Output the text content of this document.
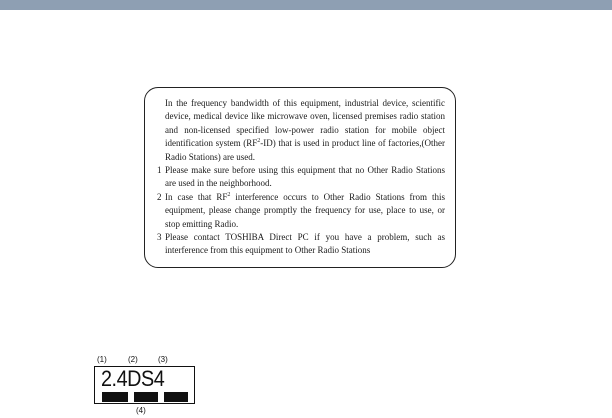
In the frequency bandwidth of this equipment, industrial device, scientific device, medical device like microwave oven, licensed premises radio station and non-licensed specified low-power radio station for mobile object identification system $(RF^2-ID)$ that is used in product line of factories,(Other Radio Stations) are used.

1 Please make sure before using this equipment that no Other Radio Stations are used in the neighborhood.
2 In case that $RF^2$ interference occurs to Other Radio Stations from this equipment, please change promptly the frequency for use, place to use, or stop emitting Radio.
3 Please contact TOSHIBA Direct PC if you have a problem, such as interference from this equipment to Other Radio Stations
(1)	(2)	(3)
2.4DS4
(4)
